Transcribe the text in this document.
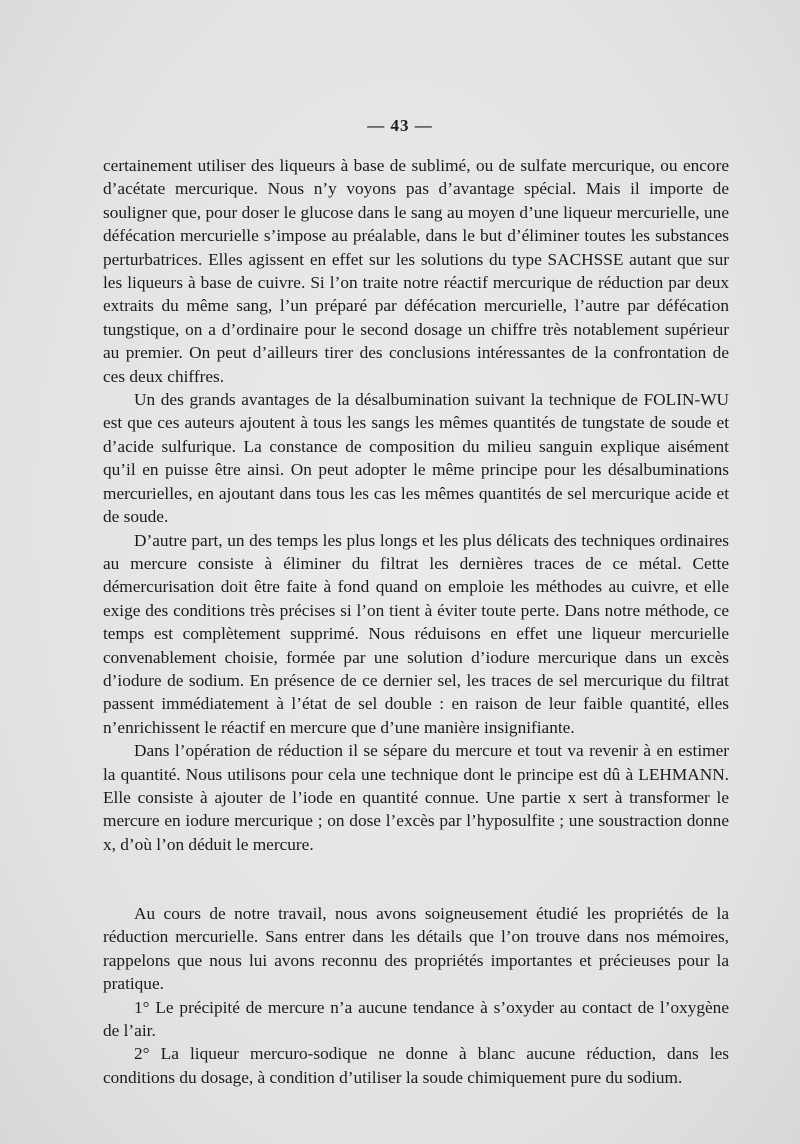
— 43 —

certainement utiliser des liqueurs à base de sublimé, ou de sulfate mercurique, ou encore d’acétate mercurique. Nous n’y voyons pas d’avantage spécial. Mais il importe de souligner que, pour doser le glucose dans le sang au moyen d’une liqueur mercurielle, une défécation mercurielle s’impose au préalable, dans le but d’éliminer toutes les substances perturbatrices. Elles agissent en effet sur les solutions du type SACHSSE autant que sur les liqueurs à base de cuivre. Si l’on traite notre réactif mercurique de réduction par deux extraits du même sang, l’un préparé par défécation mercurielle, l’autre par défécation tungstique, on a d’ordinaire pour le second dosage un chiffre très notablement supérieur au premier. On peut d’ailleurs tirer des conclusions intéressantes de la confrontation de ces deux chiffres.

Un des grands avantages de la désalbumination suivant la technique de FOLIN-WU est que ces auteurs ajoutent à tous les sangs les mêmes quantités de tungstate de soude et d’acide sulfurique. La constance de composition du milieu sanguin explique aisément qu’il en puisse être ainsi. On peut adopter le même principe pour les désalbuminations mercurielles, en ajoutant dans tous les cas les mêmes quantités de sel mercurique acide et de soude.

D’autre part, un des temps les plus longs et les plus délicats des techniques ordinaires au mercure consiste à éliminer du filtrat les dernières traces de ce métal. Cette démercurisation doit être faite à fond quand on emploie les méthodes au cuivre, et elle exige des conditions très précises si l’on tient à éviter toute perte. Dans notre méthode, ce temps est complètement supprimé. Nous réduisons en effet une liqueur mercurielle convenablement choisie, formée par une solution d’iodure mercurique dans un excès d’iodure de sodium. En présence de ce dernier sel, les traces de sel mercurique du filtrat passent immédiatement à l’état de sel double : en raison de leur faible quantité, elles n’enrichissent le réactif en mercure que d’une manière insignifiante.

Dans l’opération de réduction il se sépare du mercure et tout va revenir à en estimer la quantité. Nous utilisons pour cela une technique dont le principe est dû à LEHMANN. Elle consiste à ajouter de l’iode en quantité connue. Une partie x sert à transformer le mercure en iodure mercurique ; on dose l’excès par l’hyposulfite ; une soustraction donne x, d’où l’on déduit le mercure.

Au cours de notre travail, nous avons soigneusement étudié les propriétés de la réduction mercurielle. Sans entrer dans les détails que l’on trouve dans nos mémoires, rappelons que nous lui avons reconnu des propriétés importantes et précieuses pour la pratique.

1° Le précipité de mercure n’a aucune tendance à s’oxyder au contact de l’oxygène de l’air.

2° La liqueur mercuro-sodique ne donne à blanc aucune réduction, dans les conditions du dosage, à condition d’utiliser la soude chimiquement pure du sodium.
